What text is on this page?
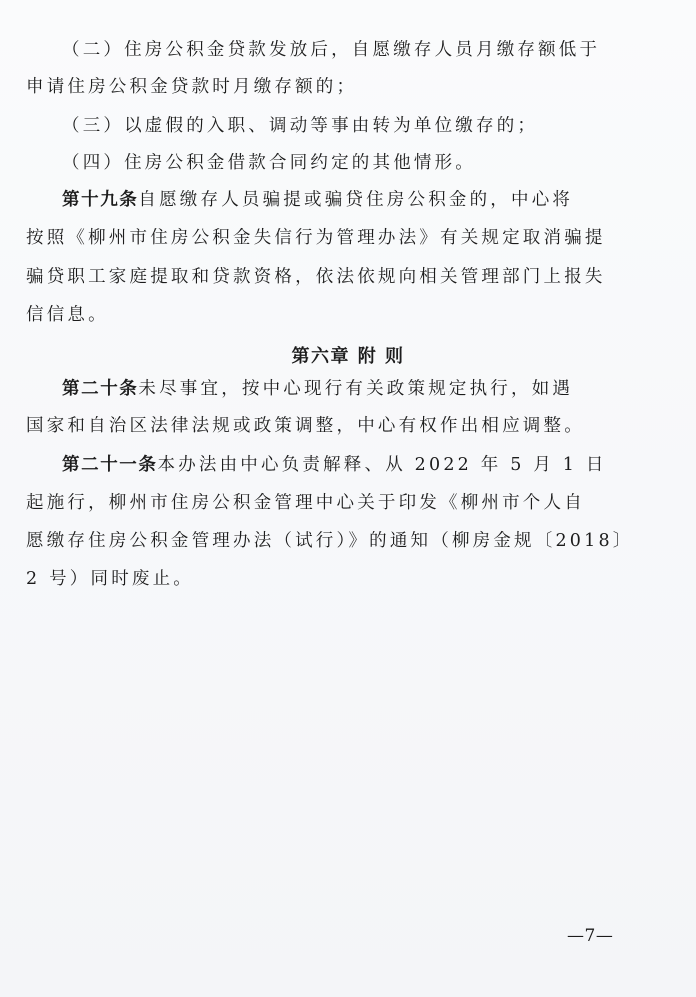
（二）住房公积金贷款发放后，自愿缴存人员月缴存额低于
申请住房公积金贷款时月缴存额的；
（三）以虚假的入职、调动等事由转为单位缴存的；
（四）住房公积金借款合同约定的其他情形。
第十九条自愿缴存人员骗提或骗贷住房公积金的，中心将
按照《柳州市住房公积金失信行为管理办法》有关规定取消骗提
骗贷职工家庭提取和贷款资格，依法依规向相关管理部门上报失
信信息。
第六章 附 则
第二十条未尽事宜，按中心现行有关政策规定执行，如遇
国家和自治区法律法规或政策调整，中心有权作出相应调整。
第二十一条本办法由中心负责解释、从 2022 年 5 月 1 日
起施行，柳州市住房公积金管理中心关于印发《柳州市个人自
愿缴存住房公积金管理办法（试行）》的通知（柳房金规〔2018〕
2 号）同时废止。
—7—
